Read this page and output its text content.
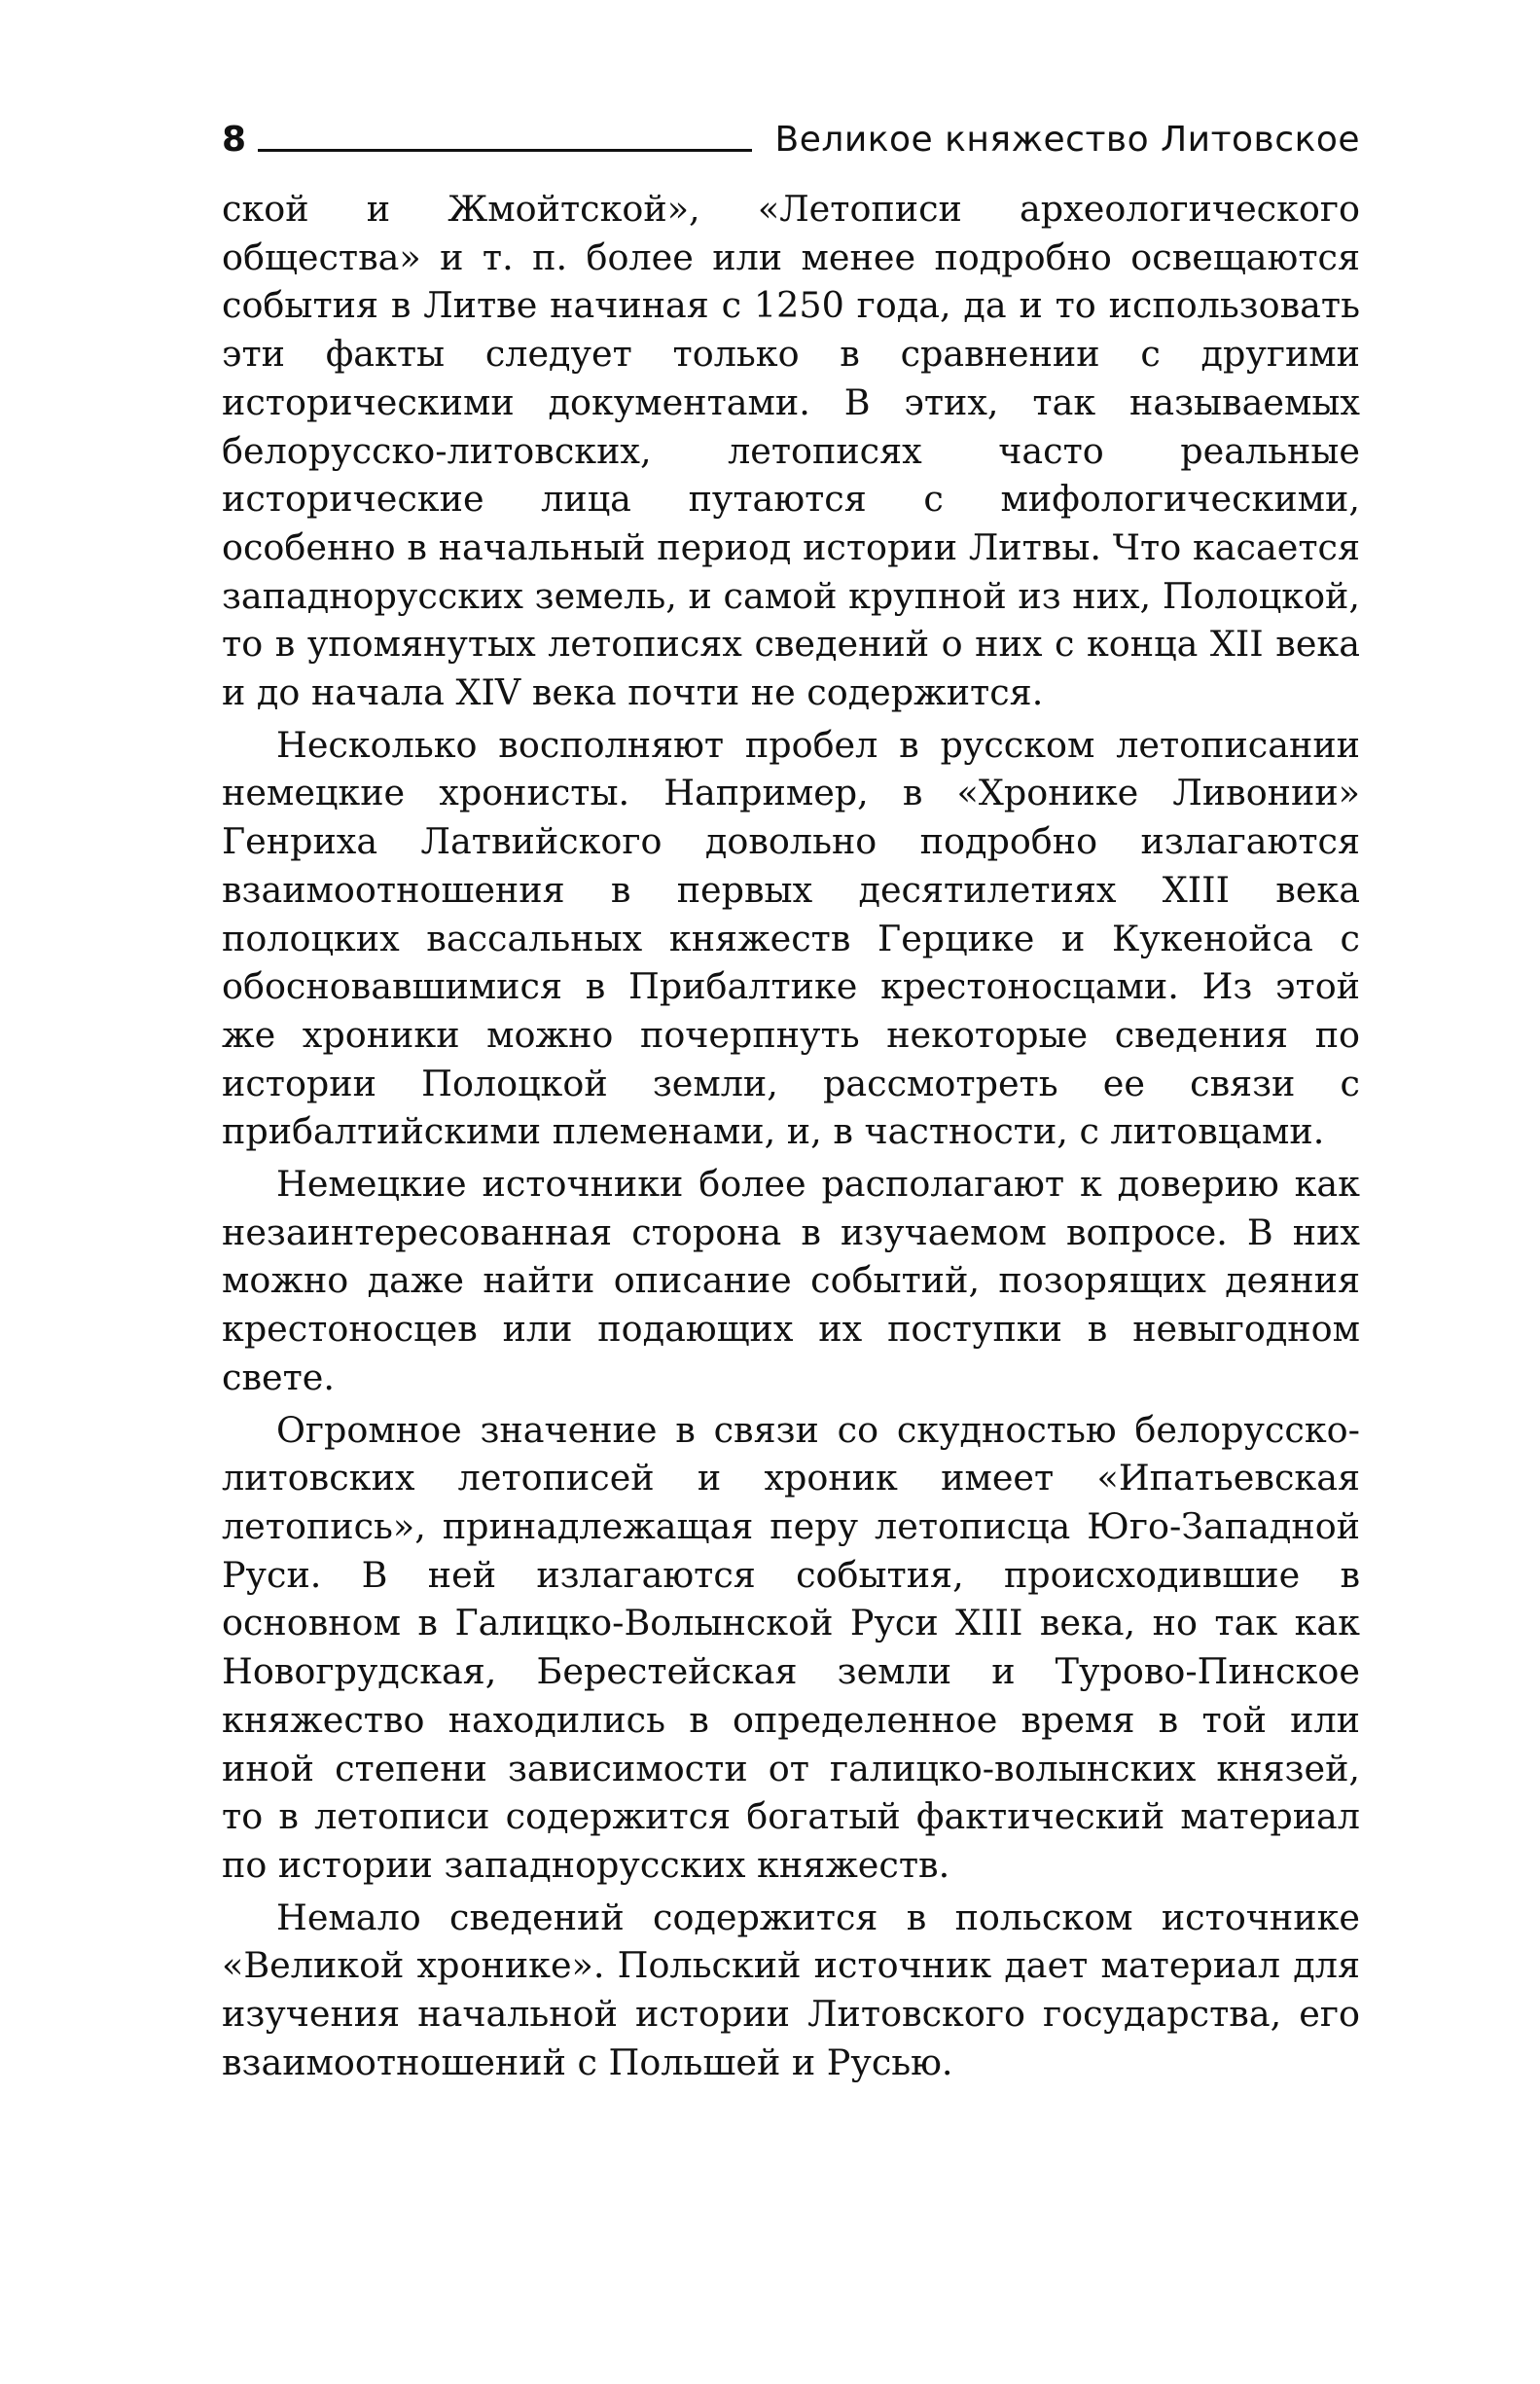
8	Великое княжество Литовское

ской и Жмойтской», «Летописи археологического общества» и т. п. более или менее подробно освещаются события в Литве начиная с 1250 года, да и то использовать эти факты следует только в сравнении с другими историческими документами. В этих, так называемых белорусско-литовских, летописях часто реальные исторические лица путаются с мифологическими, особенно в начальный период истории Литвы. Что касается западнорусских земель, и самой крупной из них, Полоцкой, то в упомянутых летописях сведений о них с конца XII века и до начала XIV века почти не содержится.

Несколько восполняют пробел в русском летописании немецкие хронисты. Например, в «Хронике Ливонии» Генриха Латвийского довольно подробно излагаются взаимоотношения в первых десятилетиях XIII века полоцких вассальных княжеств Герцике и Кукенойса с обосновавшимися в Прибалтике крестоносцами. Из этой же хроники можно почерпнуть некоторые сведения по истории Полоцкой земли, рассмотреть ее связи с прибалтийскими племенами, и, в частности, с литовцами.

Немецкие источники более располагают к доверию как незаинтересованная сторона в изучаемом вопросе. В них можно даже найти описание событий, позорящих деяния крестоносцев или подающих их поступки в невыгодном свете.

Огромное значение в связи со скудностью белорусско-литовских летописей и хроник имеет «Ипатьевская летопись», принадлежащая перу летописца Юго-Западной Руси. В ней излагаются события, происходившие в основном в Галицко-Волынской Руси XIII века, но так как Новогрудская, Берестейская земли и Турово-Пинское княжество находились в определенное время в той или иной степени зависимости от галицко-волынских князей, то в летописи содержится богатый фактический материал по истории западнорусских княжеств.

Немало сведений содержится в польском источнике «Великой хронике». Польский источник дает материал для изучения начальной истории Литовского государства, его взаимоотношений с Польшей и Русью.
